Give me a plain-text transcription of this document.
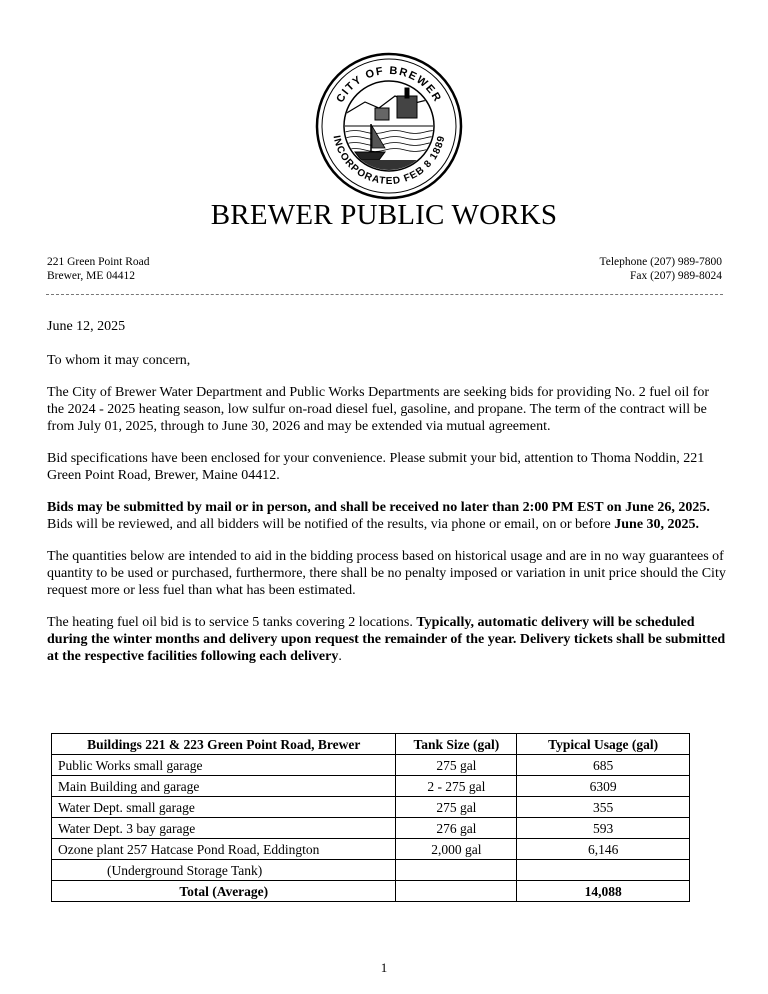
CITY OF BREWER
INCORPORATED FEB 8 1889
BREWER PUBLIC WORKS
221 Green Point Road
Brewer, ME 04412
Telephone (207) 989-7800
Fax (207) 989-8024

June 12, 2025

To whom it may concern,

The City of Brewer Water Department and Public Works Departments are seeking bids for providing No. 2 fuel oil for the 2024 - 2025 heating season, low sulfur on-road diesel fuel, gasoline, and propane. The term of the contract will be from July 01, 2025, through to June 30, 2026 and may be extended via mutual agreement.

Bid specifications have been enclosed for your convenience. Please submit your bid, attention to Thoma Noddin, 221 Green Point Road, Brewer, Maine 04412.

Bids may be submitted by mail or in person, and shall be received no later than 2:00 PM EST on June 26, 2025. Bids will be reviewed, and all bidders will be notified of the results, via phone or email, on or before June 30, 2025.

The quantities below are intended to aid in the bidding process based on historical usage and are in no way guarantees of quantity to be used or purchased, furthermore, there shall be no penalty imposed or variation in unit price should the City request more or less fuel than what has been estimated.

The heating fuel oil bid is to service 5 tanks covering 2 locations. Typically, automatic delivery will be scheduled during the winter months and delivery upon request the remainder of the year. Delivery tickets shall be submitted at the respective facilities following each delivery.

Buildings 221 & 223 Green Point Road, Brewer	Tank Size (gal)	Typical Usage (gal)
Public Works small garage	275 gal	685
Main Building and garage	2 - 275 gal	6309
Water Dept. small garage	275 gal	355
Water Dept. 3 bay garage	276 gal	593
Ozone plant 257 Hatcase Pond Road, Eddington	2,000 gal	6,146
(Underground Storage Tank)		
Total (Average)		14,088
1
